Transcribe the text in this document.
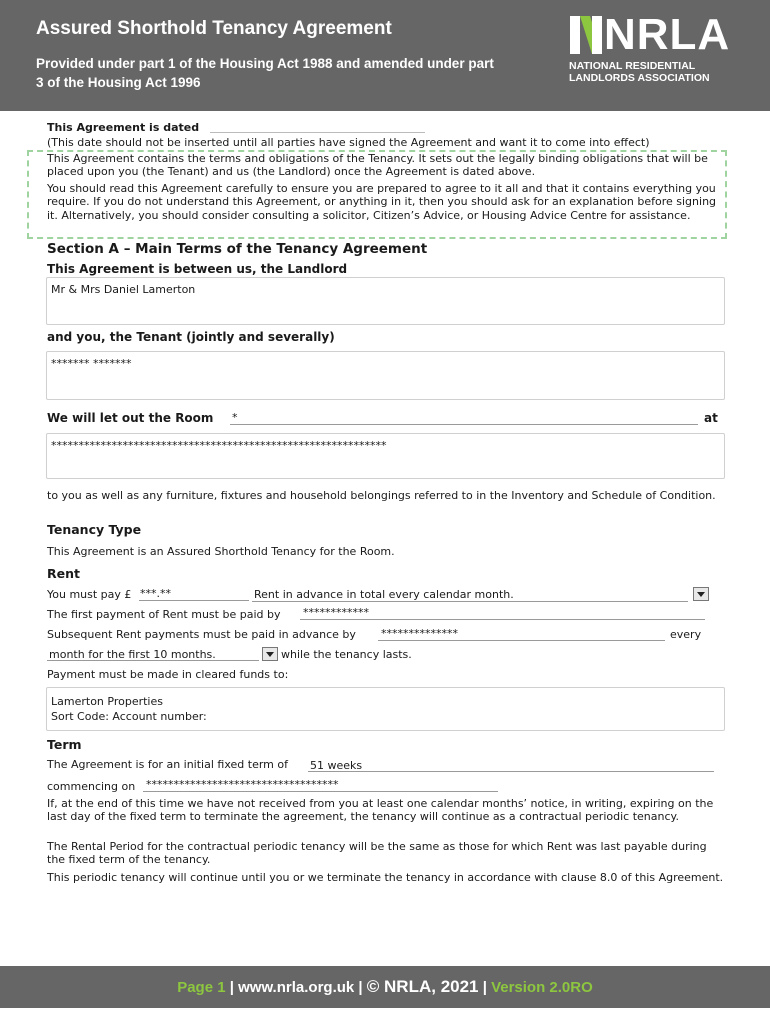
Assured Shorthold Tenancy Agreement
Provided under part 1 of the Housing Act 1988 and amended under part 3 of the Housing Act 1996
NRLA
NATIONAL RESIDENTIAL
LANDLORDS ASSOCIATION
This Agreement is dated
(This date should not be inserted until all parties have signed the Agreement and want it to come into effect)
This Agreement contains the terms and obligations of the Tenancy. It sets out the legally binding obligations that will be placed upon you (the Tenant) and us (the Landlord) once the Agreement is dated above.
You should read this Agreement carefully to ensure you are prepared to agree to it all and that it contains everything you require. If you do not understand this Agreement, or anything in it, then you should ask for an explanation before signing it. Alternatively, you should consider consulting a solicitor, Citizen’s Advice, or Housing Advice Centre for assistance.
Section A – Main Terms of the Tenancy Agreement
This Agreement is between us, the Landlord
Mr & Mrs Daniel Lamerton
and you, the Tenant (jointly and severally)
******* *******
We will let out the Room *	at
*************************************************************
to you as well as any furniture, fixtures and household belongings referred to in the Inventory and Schedule of Condition.
Tenancy Type
This Agreement is an Assured Shorthold Tenancy for the Room.
Rent
You must pay £ ***.**	Rent in advance in total every calendar month.
The first payment of Rent must be paid by ************
Subsequent Rent payments must be paid in advance by **************	every
month for the first 10 months.	while the tenancy lasts.
Payment must be made in cleared funds to:
Lamerton Properties
Sort Code: Account number:
Term
The Agreement is for an initial fixed term of 51 weeks
commencing on ***********************************
If, at the end of this time we have not received from you at least one calendar months’ notice, in writing, expiring on the last day of the fixed term to terminate the agreement, the tenancy will continue as a contractual periodic tenancy.
The Rental Period for the contractual periodic tenancy will be the same as those for which Rent was last payable during the fixed term of the tenancy.
This periodic tenancy will continue until you or we terminate the tenancy in accordance with clause 8.0 of this Agreement.
Page 1 | www.nrla.org.uk | © NRLA, 2021 | Version 2.0RO
